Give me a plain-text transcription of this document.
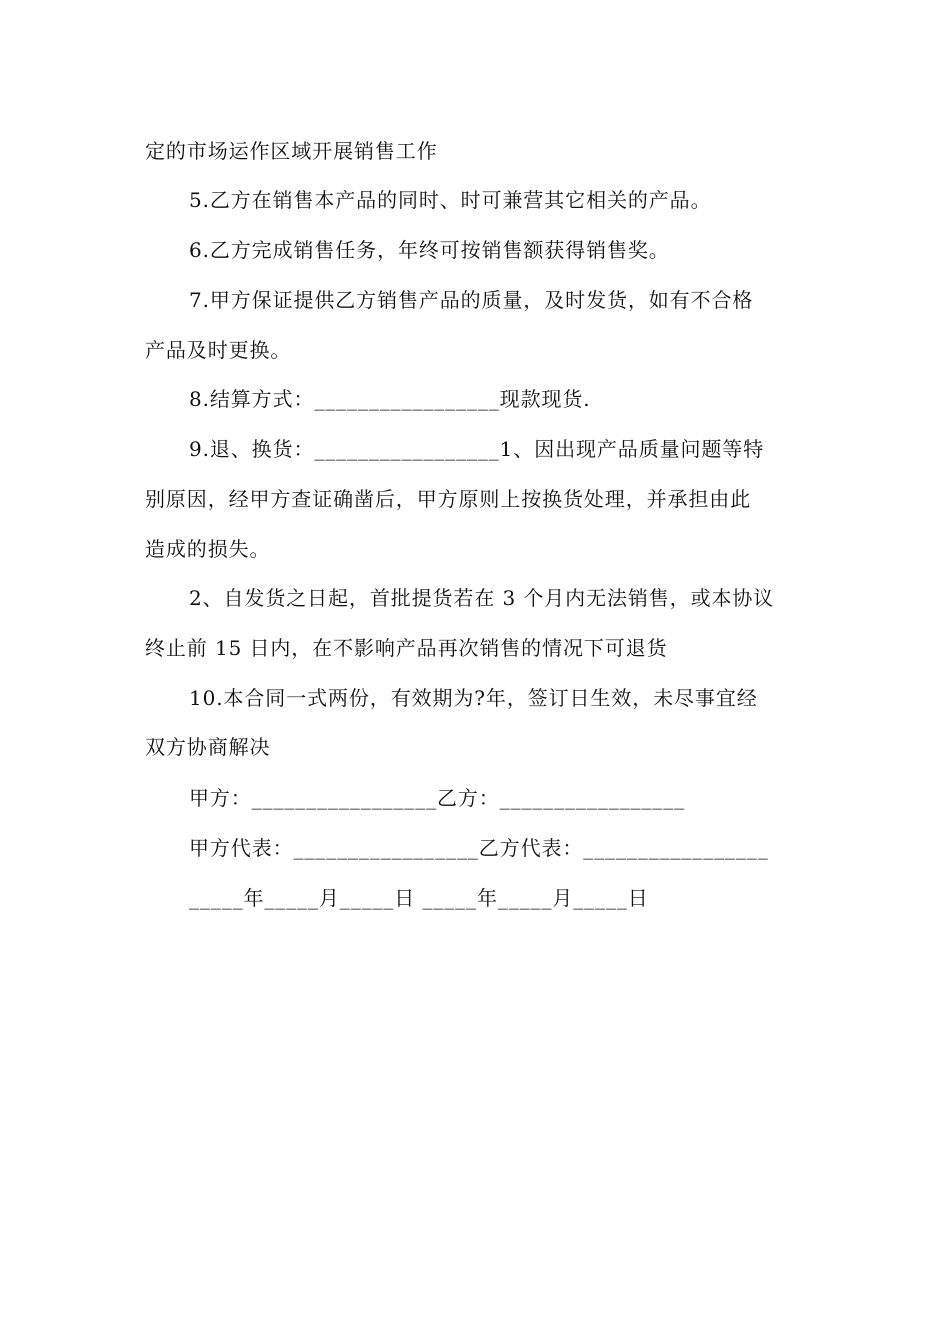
定的市场运作区域开展销售工作
5.乙方在销售本产品的同时、时可兼营其它相关的产品。
6.乙方完成销售任务，年终可按销售额获得销售奖。
7.甲方保证提供乙方销售产品的质量，及时发货，如有不合格
产品及时更换。
8.结算方式：_________________现款现货.
9.退、换货：_________________1、因出现产品质量问题等特
别原因，经甲方查证确凿后，甲方原则上按换货处理，并承担由此
造成的损失。
2、自发货之日起，首批提货若在 3 个月内无法销售，或本协议
终止前 15 日内，在不影响产品再次销售的情况下可退货
10.本合同一式两份，有效期为?年，签订日生效，未尽事宜经
双方协商解决
甲方：_________________乙方：_________________
甲方代表：_________________乙方代表：_________________
_____年_____月_____日 _____年_____月_____日
